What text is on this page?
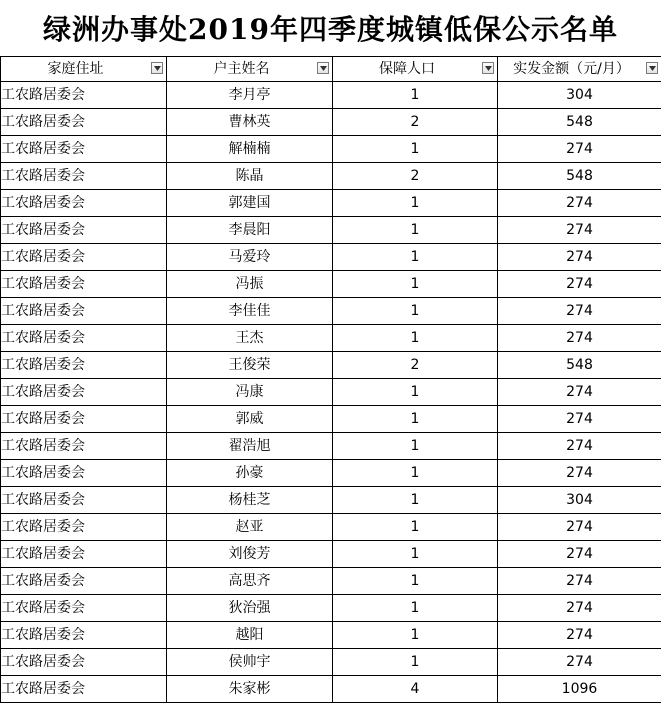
绿洲办事处2019年四季度城镇低保公示名单
家庭住址	户主姓名	保障人口	实发金额（元/月）

工农路居委会	李月亭	1	304
工农路居委会	曹林英	2	548
工农路居委会	解楠楠	1	274
工农路居委会	陈晶	2	548
工农路居委会	郭建国	1	274
工农路居委会	李晨阳	1	274
工农路居委会	马爱玲	1	274
工农路居委会	冯振	1	274
工农路居委会	李佳佳	1	274
工农路居委会	王杰	1	274
工农路居委会	王俊荣	2	548
工农路居委会	冯康	1	274
工农路居委会	郭威	1	274
工农路居委会	翟浩旭	1	274
工农路居委会	孙豪	1	274
工农路居委会	杨桂芝	1	304
工农路居委会	赵亚	1	274
工农路居委会	刘俊芳	1	274
工农路居委会	高思齐	1	274
工农路居委会	狄治强	1	274
工农路居委会	越阳	1	274
工农路居委会	侯帅宇	1	274
工农路居委会	朱家彬	4	1096
